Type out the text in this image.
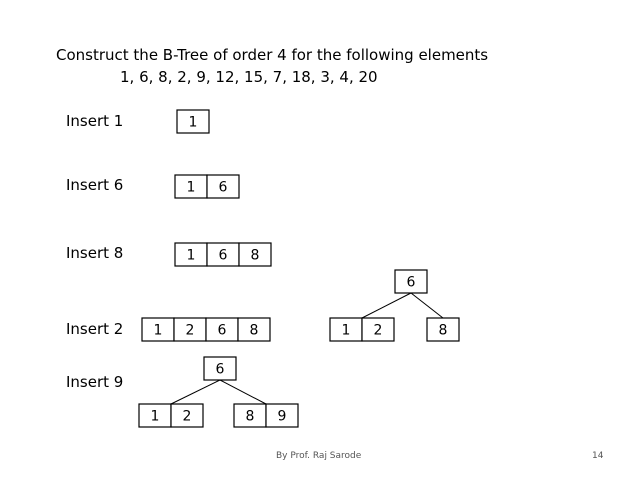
Construct the B-Tree of order 4 for the following elements
1, 6, 8, 2, 9, 12, 15, 7, 18, 3, 4, 20
Insert 1
Insert 6
Insert 8
Insert 2
Insert 9
1
1 6
1 6 8
1 2 6 8
6
1 2	8
6
1 2	8 9
By Prof. Raj Sarode	14
